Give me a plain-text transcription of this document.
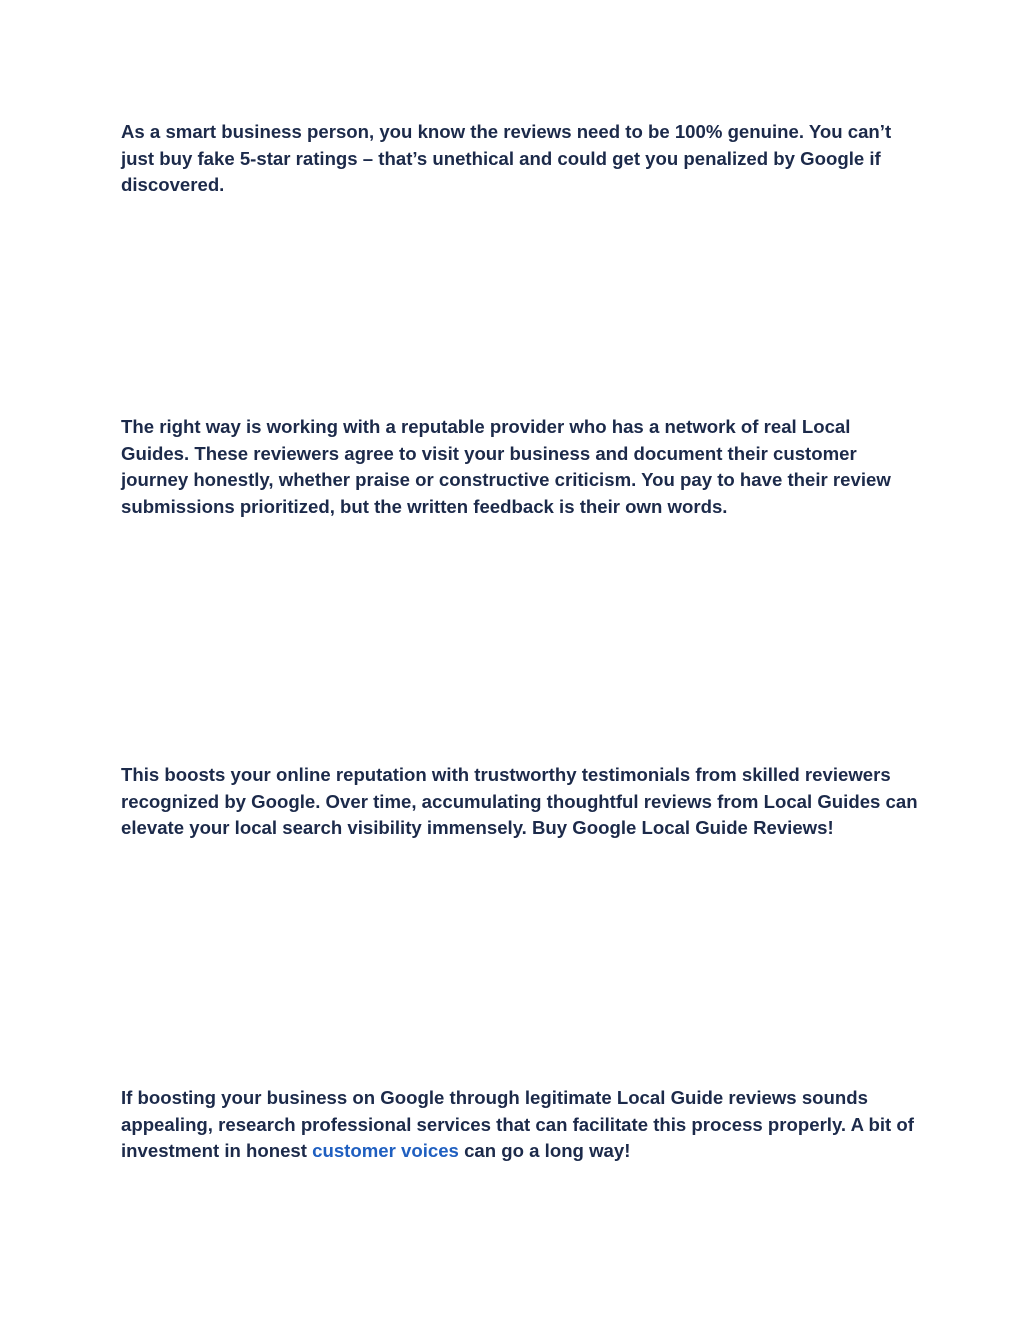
As a smart business person, you know the reviews need to be 100% genuine. You can’t just buy fake 5-star ratings – that’s unethical and could get you penalized by Google if discovered.

The right way is working with a reputable provider who has a network of real Local Guides. These reviewers agree to visit your business and document their customer journey honestly, whether praise or constructive criticism. You pay to have their review submissions prioritized, but the written feedback is their own words.

This boosts your online reputation with trustworthy testimonials from skilled reviewers recognized by Google. Over time, accumulating thoughtful reviews from Local Guides can elevate your local search visibility immensely. Buy Google Local Guide Reviews!

If boosting your business on Google through legitimate Local Guide reviews sounds appealing, research professional services that can facilitate this process properly. A bit of investment in honest customer voices can go a long way!
